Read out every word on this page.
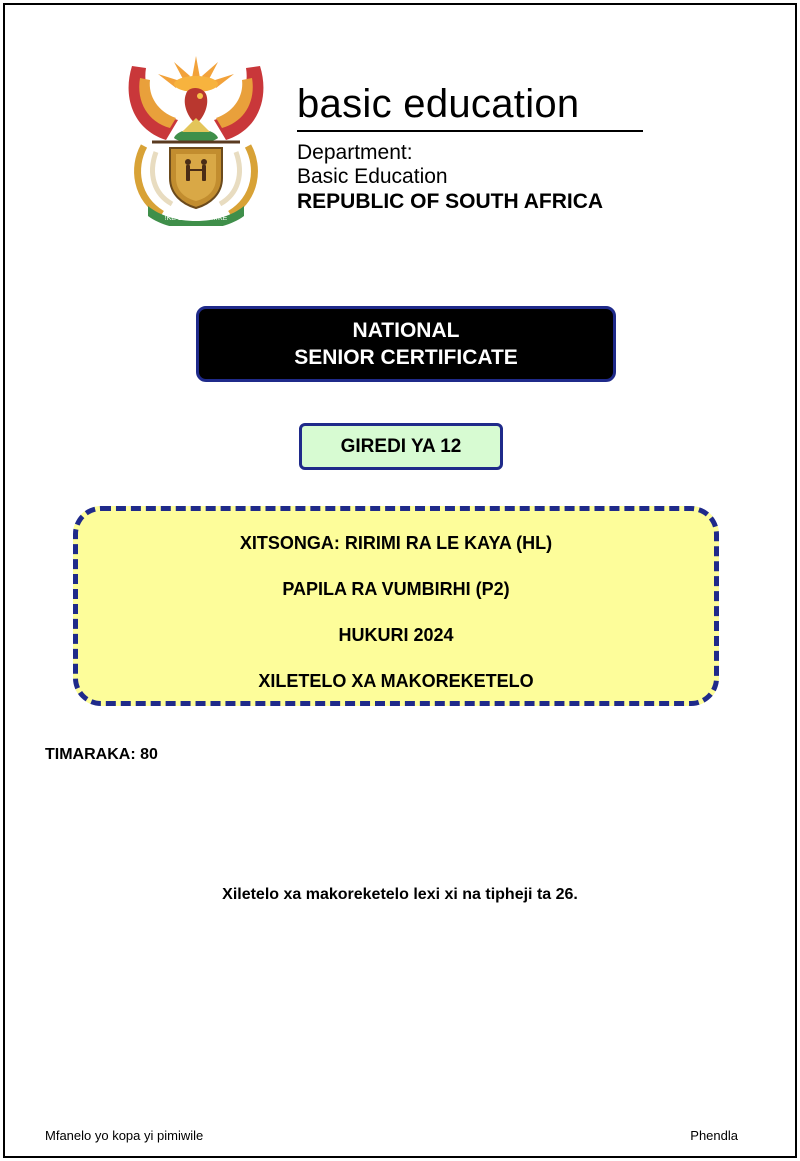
!KE E: /XARRA //KE
basic education
Department:
Basic Education
REPUBLIC OF SOUTH AFRICA
NATIONAL
SENIOR CERTIFICATE
GIREDI YA 12
XITSONGA: RIRIMI RA LE KAYA (HL)
PAPILA RA VUMBIRHI (P2)
HUKURI 2024
XILETELO XA MAKOREKETELO
TIMARAKA: 80
Xiletelo xa makoreketelo lexi xi na tipheji ta 26.
Mfanelo yo kopa yi pimiwile	Phendla
